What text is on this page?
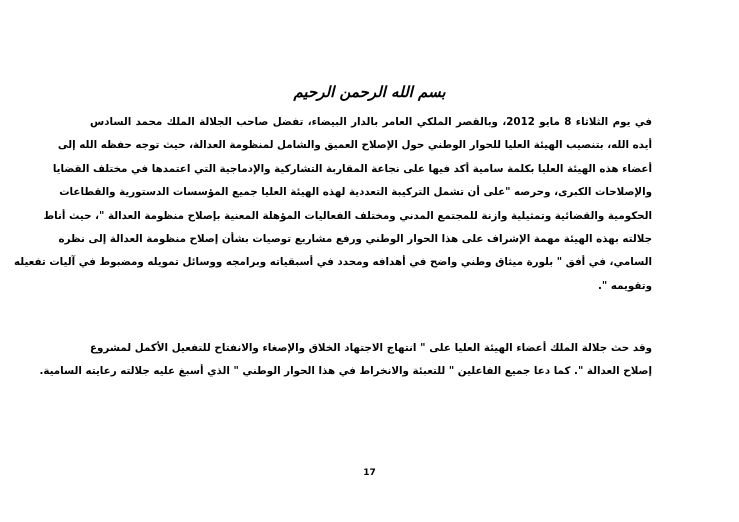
بسم الله الرحمن الرحيم
في يوم الثلاثاء 8 مايو 2012، وبالقصر الملكي العامر بالدار البيضاء، تفضل صاحب الجلالة الملك محمد السادس
أيده الله، بتنصيب الهيئة العليا للحوار الوطني حول الإصلاح العميق والشامل لمنظومة العدالة، حيث توجه حفظه الله إلى
أعضاء هذه الهيئة العليا بكلمة سامية أكد فيها على نجاعة المقاربة التشاركية والإدماجية التي اعتمدها في مختلف القضايا
والإصلاحات الكبرى، وحرصه "على أن تشمل التركيبة التعددية لهذه الهيئة العليا جميع المؤسسات الدستورية والقطاعات
الحكومية والقضائية وتمثيلية وازنة للمجتمع المدني ومختلف الفعاليات المؤهلة المعنية بإصلاح منظومة العدالة "، حيث أناط
جلالته بهذه الهيئة مهمة الإشراف على هذا الحوار الوطني ورفع مشاريع توصيات بشأن إصلاح منظومة العدالة إلى نظره
السامي، في أفق " بلورة ميثاق وطني واضح في أهدافه ومحدد في أسبقياته وبرامجه ووسائل تمويله ومضبوط في آليات تفعيله
وتقويمه ".
وقد حث جلالة الملك أعضاء الهيئة العليا على " انتهاج الاجتهاد الخلاق والإصغاء والانفتاح للتفعيل الأكمل لمشروع
إصلاح العدالة ". كما دعا جميع الفاعلين " للتعبئة والانخراط في هذا الحوار الوطني " الذي أسبغ عليه جلالته رعايته السامية.
17
